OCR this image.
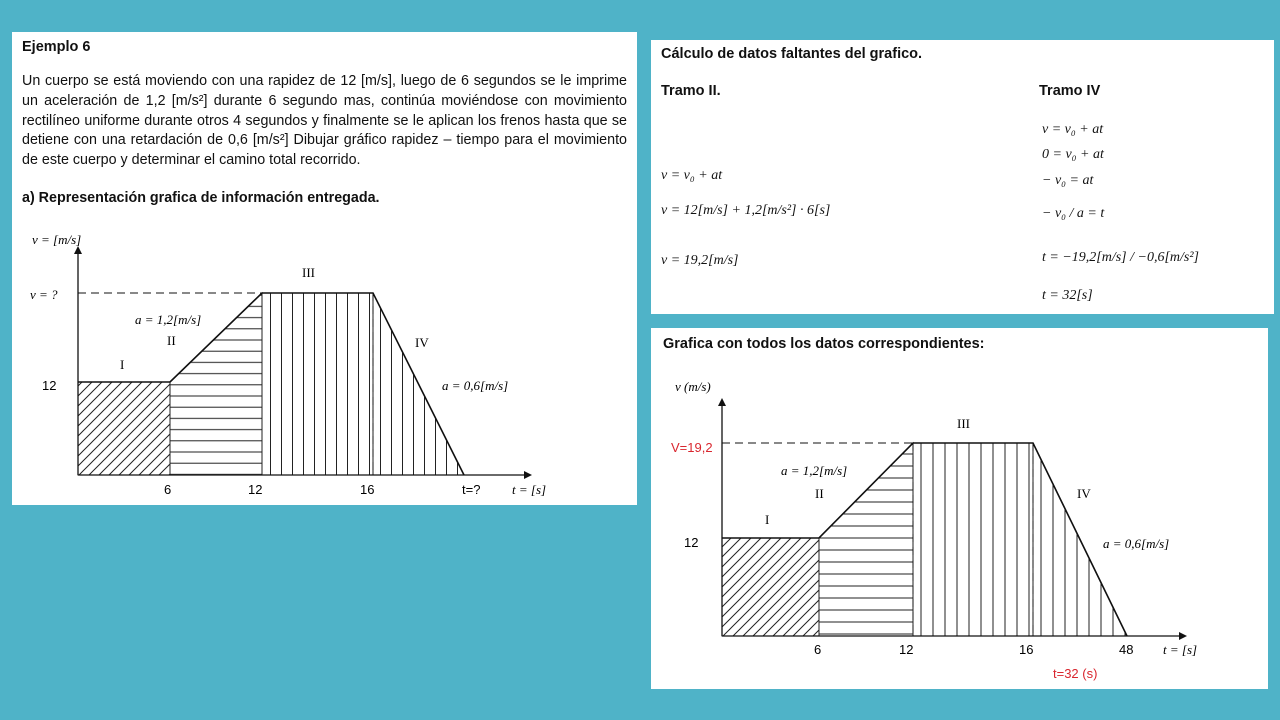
Ejemplo 6
Un cuerpo se está moviendo con una rapidez de 12 [m/s], luego de 6 segundos se le imprime un aceleración de 1,2 [m/s²] durante 6 segundo mas, continúa moviéndose con movimiento rectilíneo uniforme durante otros 4 segundos y finalmente se le aplican los frenos hasta que se detiene con una retardación de 0,6 [m/s²] Dibujar gráfico rapidez – tiempo para el movimiento de este cuerpo y determinar el camino total recorrido.
a) Representación grafica de información entregada.
v = [m/s]
v = ?
12
6	12	16	t=? t = [s]
I
II
III
IV
a = 1,2[m/s]
a = 0,6[m/s]
Cálculo de datos faltantes del grafico.
Tramo II.	Tramo IV
v = v₀ + at
v = 12[m/s] + 1,2[m/s²] · 6[s]
v = 19,2[m/s]
v = v₀ + at
0 = v₀ + at
− v₀ = at
− v₀ / a = t
t = −19,2[m/s] / −0,6[m/s²]
t = 32[s]
Grafica con todos los datos correspondientes:
v (m/s)
V=19,2
12
6	12	16	48 t = [s]
I
II
III
IV
a = 1,2[m/s]
a = 0,6[m/s]
t=32 (s)
